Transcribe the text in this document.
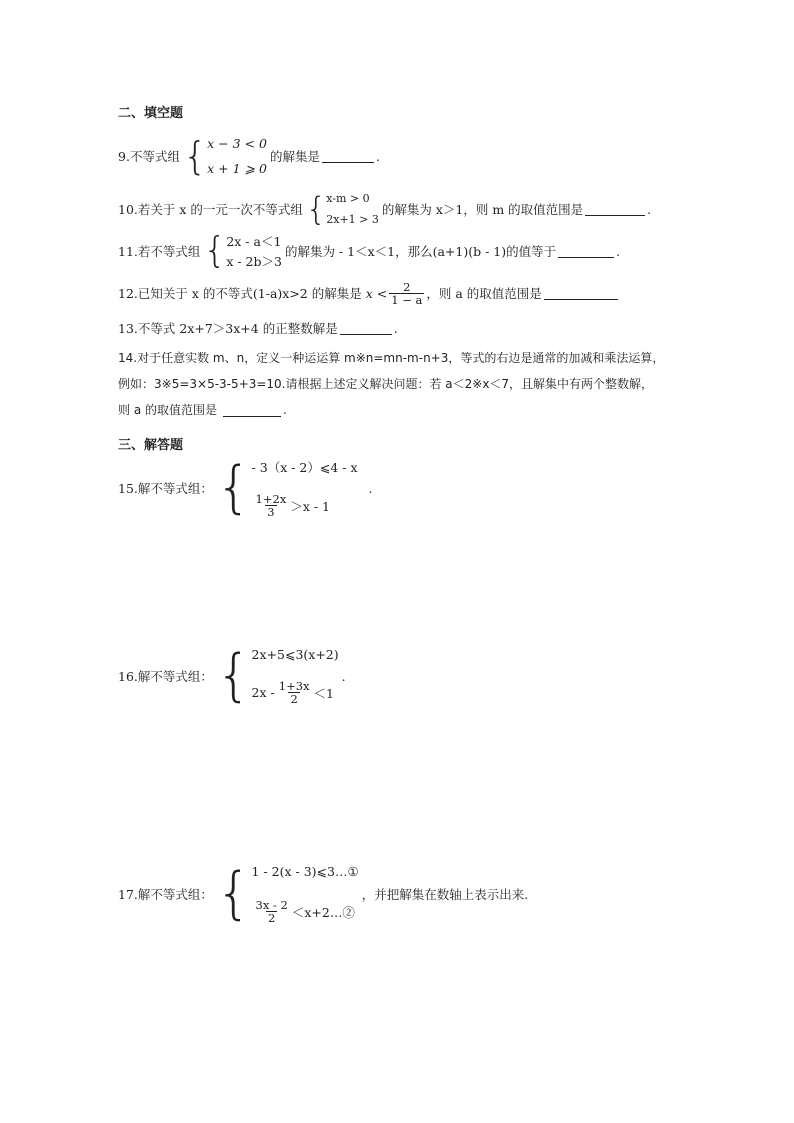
二、填空题
9. 不等式组 { x − 3 < 0
x + 1 ⩾ 0
的解集是	.
10. 若关于 x 的一元一次不等式组 { x-m > 0
2x+1 > 3
的解集为 x＞1，则 m 的取值范围是	.
11. 若不等式组 { 2x - a＜1
x - 2b＞3
的解集为 - 1＜x＜1，那么(a+1)(b - 1)的值等于	.
12. 已知关于 x 的不等式(1-a)x>2 的解集是 $x < \frac{2}{1 - a}$ ，则 a 的取值范围是
13. 不等式 2x+7＞3x+4 的正整数解是	.
14.对于任意实数 m、n，定义一种运运算 m※n=mn-m-n+3，等式的右边是通常的加减和乘法运算，
例如：3※5=3×5-3-5+3=10.请根据上述定义解决问题：若 a＜2※x＜7，且解集中有两个整数解，
则 a 的取值范围是	.
三、解答题
15. 解不等式组： { - 3（x - 2）⩽4 - x
$\frac{1+2x}{3} >x - 1$
.
16. 解不等式组： { 2x+5⩽3(x+2)
$2x - \frac{1+3x}{2} <1$
.
17. 解不等式组： { 1 - 2(x - 3)⩽3…①
$\frac{3x - 2}{2}$ ＜x+2…②
，并把解集在数轴上表示出来.
